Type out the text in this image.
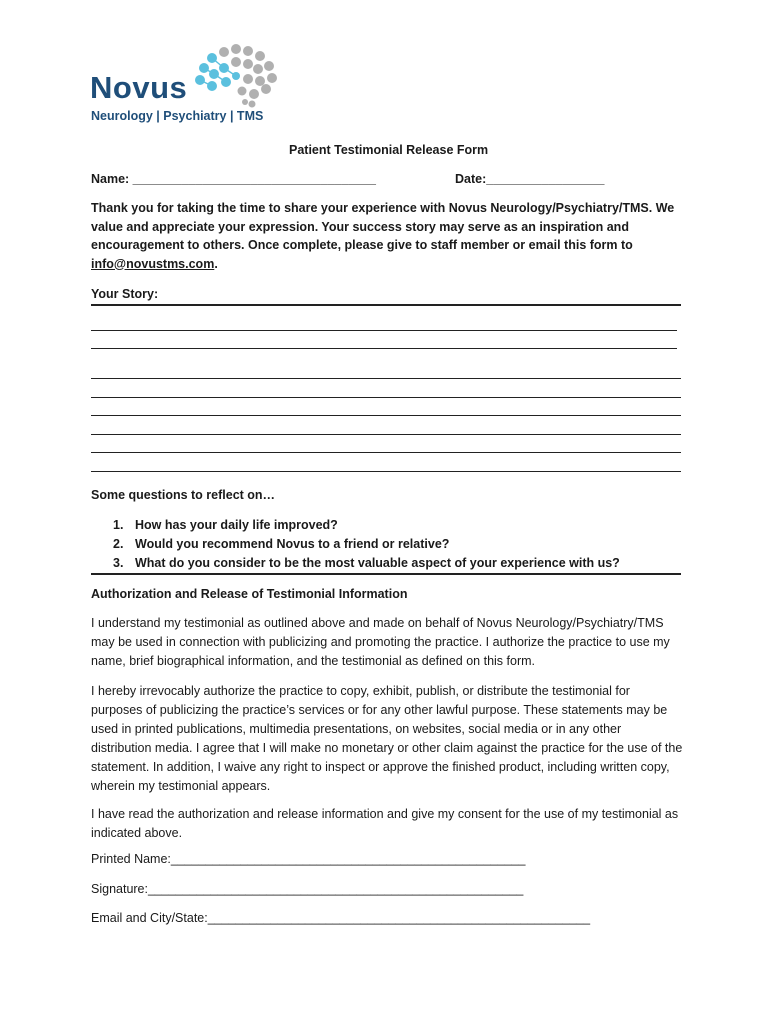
Novus
Neurology | Psychiatry | TMS
Patient Testimonial Release Form
Name: ___________________________________	Date:_________________
Thank you for taking the time to share your experience with Novus Neurology/Psychiatry/TMS. We value and appreciate your expression. Your success story may serve as an inspiration and encouragement to others. Once complete, please give to staff member or email this form to info@novustms.com.
Your Story:
Some questions to reflect on…
1. How has your daily life improved?
2. Would you recommend Novus to a friend or relative?
3. What do you consider to be the most valuable aspect of your experience with us?
Authorization and Release of Testimonial Information
I understand my testimonial as outlined above and made on behalf of Novus Neurology/Psychiatry/TMS may be used in connection with publicizing and promoting the practice. I authorize the practice to use my name, brief biographical information, and the testimonial as defined on this form.
I hereby irrevocably authorize the practice to copy, exhibit, publish, or distribute the testimonial for purposes of publicizing the practice’s services or for any other lawful purpose. These statements may be used in printed publications, multimedia presentations, on websites, social media or in any other distribution media. I agree that I will make no monetary or other claim against the practice for the use of the statement. In addition, I waive any right to inspect or approve the finished product, including written copy, wherein my testimonial appears.
I have read the authorization and release information and give my consent for the use of my testimonial as indicated above.
Printed Name:___________________________________________________
Signature:______________________________________________________
Email and City/State:_______________________________________________________
